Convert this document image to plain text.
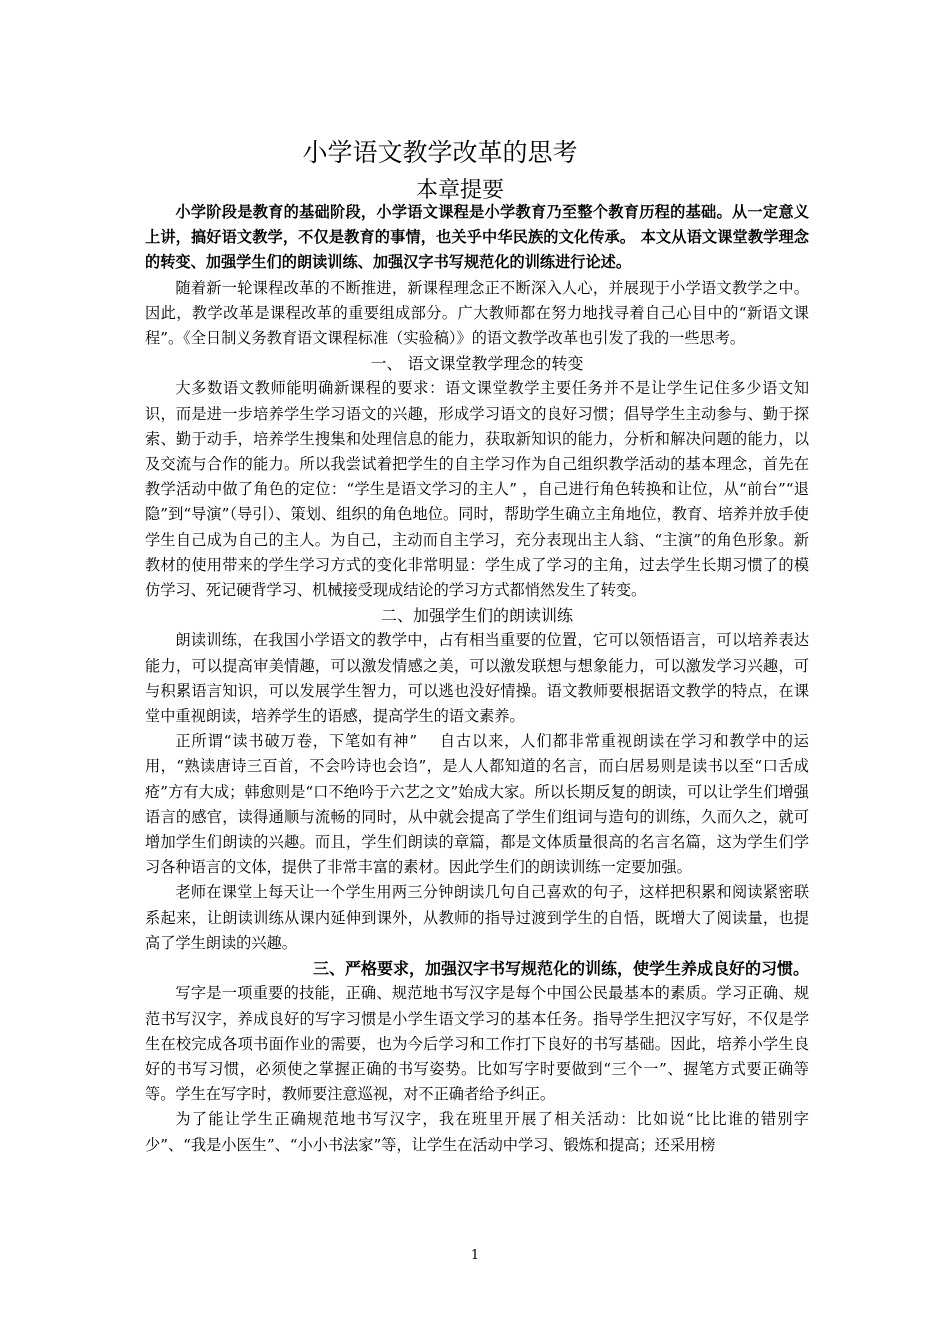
小学语文教学改革的思考
本章提要

小学阶段是教育的基础阶段，小学语文课程是小学教育乃至整个教育历程的基础。从一定意义上讲，搞好语文教学，不仅是教育的事情，也关乎中华民族的文化传承。 本文从语文课堂教学理念的转变、加强学生们的朗读训练、加强汉字书写规范化的训练进行论述。

随着新一轮课程改革的不断推进，新课程理念正不断深入人心，并展现于小学语文教学之中。因此，教学改革是课程改革的重要组成部分。广大教师都在努力地找寻着自己心目中的“新语文课程”。《全日制义务教育语文课程标准（实验稿）》的语文教学改革也引发了我的一些思考。

一、 语文课堂教学理念的转变

大多数语文教师能明确新课程的要求：语文课堂教学主要任务并不是让学生记住多少语文知识，而是进一步培养学生学习语文的兴趣，形成学习语文的良好习惯；倡导学生主动参与、勤于探索、勤于动手，培养学生搜集和处理信息的能力，获取新知识的能力，分析和解决问题的能力，以及交流与合作的能力。所以我尝试着把学生的自主学习作为自己组织教学活动的基本理念，首先在教学活动中做了角色的定位：“学生是语文学习的主人” ，自己进行角色转换和让位，从“前台”“退隐”到“导演”（导引）、策划、组织的角色地位。同时，帮助学生确立主角地位，教育、培养并放手使学生自己成为自己的主人。为自己，主动而自主学习，充分表现出主人翁、“主演”的角色形象。新教材的使用带来的学生学习方式的变化非常明显：学生成了学习的主角，过去学生长期习惯了的模仿学习、死记硬背学习、机械接受现成结论的学习方式都悄然发生了转变。

二、加强学生们的朗读训练

朗读训练，在我国小学语文的教学中，占有相当重要的位置，它可以领悟语言，可以培养表达能力，可以提高审美情趣，可以激发情感之美，可以激发联想与想象能力，可以激发学习兴趣，可与积累语言知识，可以发展学生智力，可以逃也没好情操。语文教师要根据语文教学的特点，在课堂中重视朗读，培养学生的语感，提高学生的语文素养。

正所谓“读书破万卷，下笔如有神”　 自古以来，人们都非常重视朗读在学习和教学中的运用，“熟读唐诗三百首，不会吟诗也会诌”，是人人都知道的名言，而白居易则是读书以至“口舌成疮”方有大成；韩愈则是“口不绝吟于六艺之文”始成大家。所以长期反复的朗读，可以让学生们增强语言的感官，读得通顺与流畅的同时，从中就会提高了学生们组词与造句的训练，久而久之，就可增加学生们朗读的兴趣。而且，学生们朗读的章篇，都是文体质量很高的名言名篇，这为学生们学习各种语言的文体，提供了非常丰富的素材。因此学生们的朗读训练一定要加强。

老师在课堂上每天让一个学生用两三分钟朗读几句自己喜欢的句子，这样把积累和阅读紧密联系起来，让朗读训练从课内延伸到课外，从教师的指导过渡到学生的自悟，既增大了阅读量，也提高了学生朗读的兴趣。

三、严格要求，加强汉字书写规范化的训练，使学生养成良好的习惯。

写字是一项重要的技能，正确、规范地书写汉字是每个中国公民最基本的素质。学习正确、规范书写汉字，养成良好的写字习惯是小学生语文学习的基本任务。指导学生把汉字写好，不仅是学生在校完成各项书面作业的需要，也为今后学习和工作打下良好的书写基础。因此，培养小学生良好的书写习惯，必须使之掌握正确的书写姿势。比如写字时要做到“三个一”、握笔方式要正确等等。学生在写字时，教师要注意巡视，对不正确者给予纠正。

为了能让学生正确规范地书写汉字，我在班里开展了相关活动：比如说“比比谁的错别字少”、“我是小医生”、“小小书法家”等，让学生在活动中学习、锻炼和提高；还采用榜

1
